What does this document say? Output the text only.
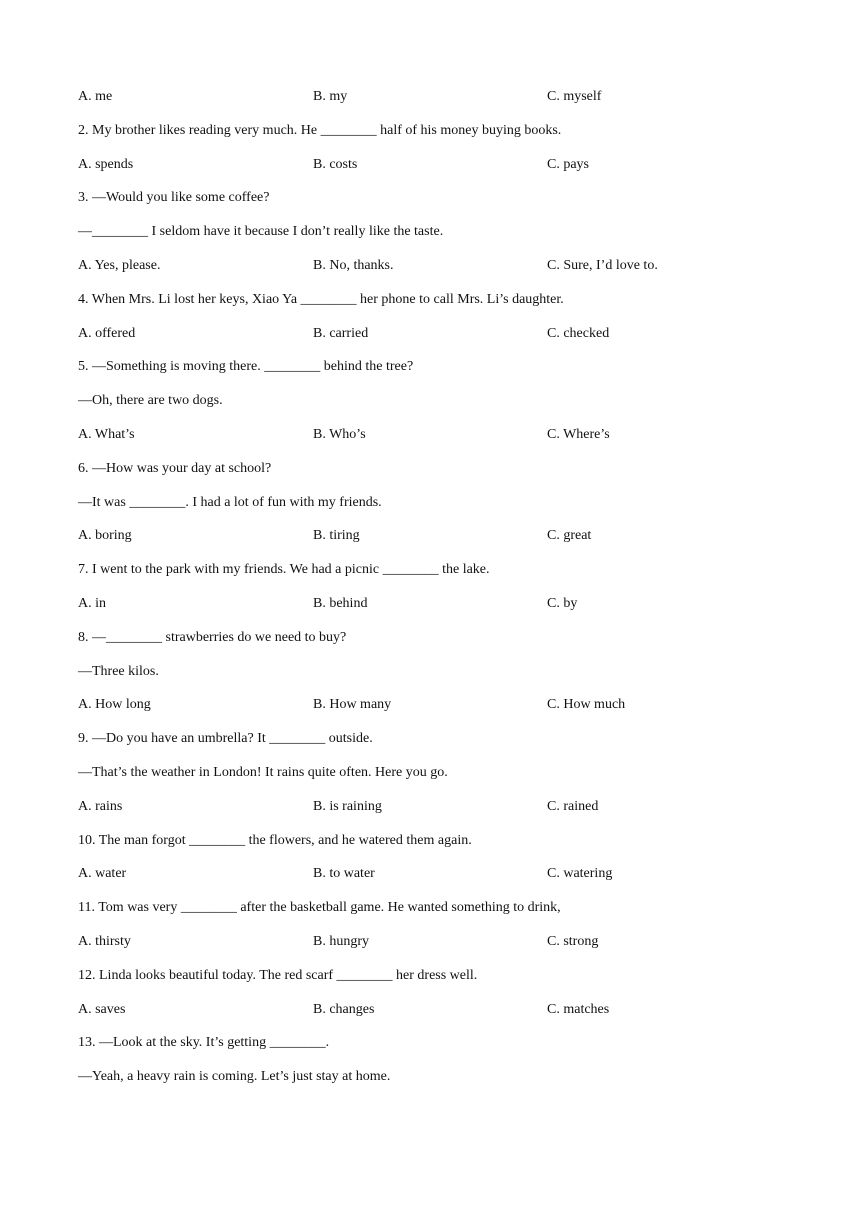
A. me	B. my	C. myself
2. My brother likes reading very much. He ________ half of his money buying books.
A. spends	B. costs	C. pays
3. —Would you like some coffee?
—________ I seldom have it because I don’t really like the taste.
A. Yes, please.	B. No, thanks.	C. Sure, I’d love to.
4. When Mrs. Li lost her keys, Xiao Ya ________ her phone to call Mrs. Li’s daughter.
A. offered	B. carried	C. checked
5. —Something is moving there. ________ behind the tree?
—Oh, there are two dogs.
A. What’s	B. Who’s	C. Where’s
6. —How was your day at school?
—It was ________. I had a lot of fun with my friends.
A. boring	B. tiring	C. great
7. I went to the park with my friends. We had a picnic ________ the lake.
A. in	B. behind	C. by
8. —________ strawberries do we need to buy?
—Three kilos.
A. How long	B. How many	C. How much
9. —Do you have an umbrella? It ________ outside.
—That’s the weather in London! It rains quite often. Here you go.
A. rains	B. is raining	C. rained
10. The man forgot ________ the flowers, and he watered them again.
A. water	B. to water	C. watering
11. Tom was very ________ after the basketball game. He wanted something to drink,
A. thirsty	B. hungry	C. strong
12. Linda looks beautiful today. The red scarf ________ her dress well.
A. saves	B. changes	C. matches
13. —Look at the sky. It’s getting ________.
—Yeah, a heavy rain is coming. Let’s just stay at home.
